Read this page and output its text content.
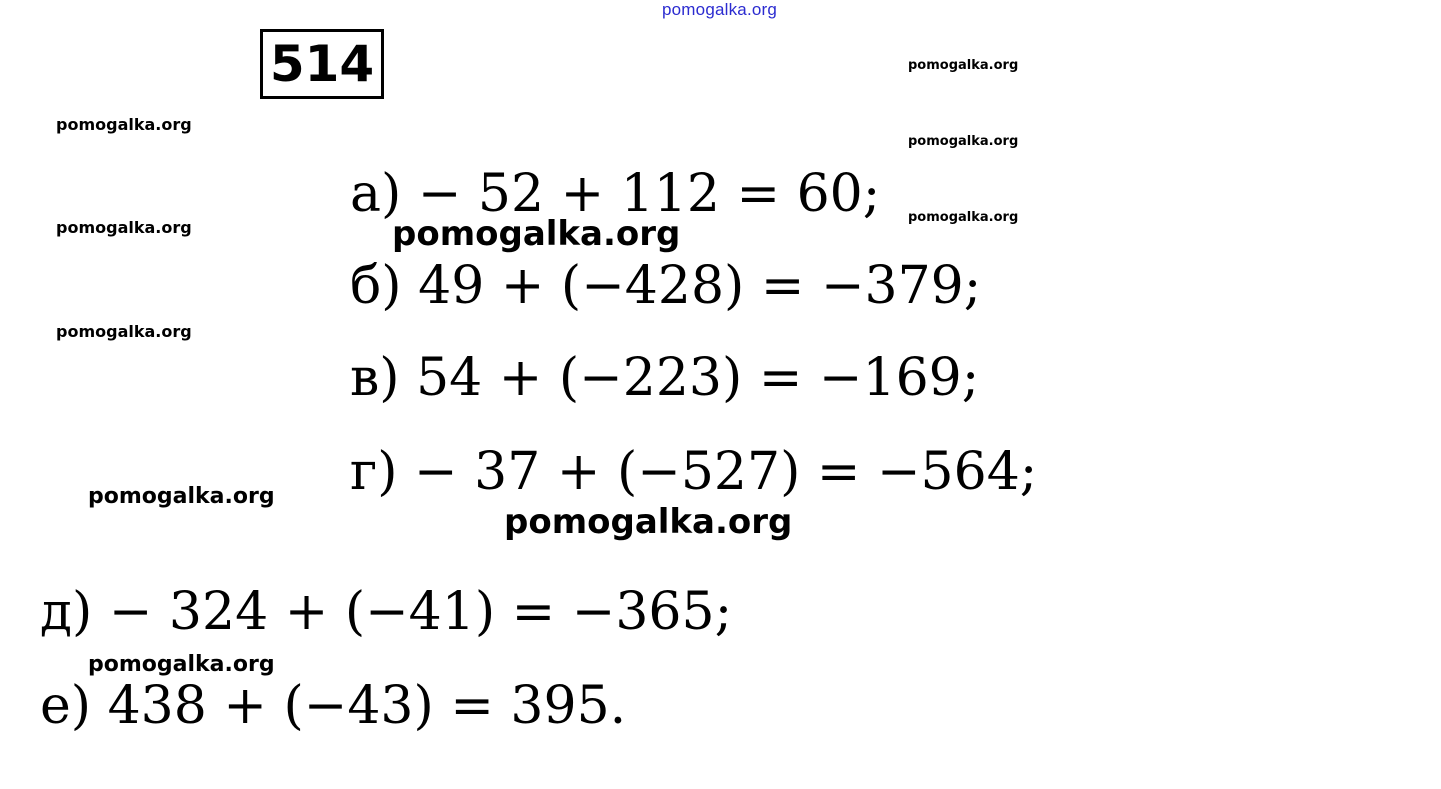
pomogalka.org
514	pomogalka.org
pomogalka.org
pomogalka.org
pomogalka.org
pomogalka.org
pomogalka.org
а) − 52 + 112 = 60;
pomogalka.org
б) 49 + (−428) = −379;
в) 54 + (−223) = −169;
г) − 37 + (−527) = −564;
pomogalka.org
pomogalka.org
д) − 324 + (−41) = −365;
pomogalka.org
е) 438 + (−43) = 395.
